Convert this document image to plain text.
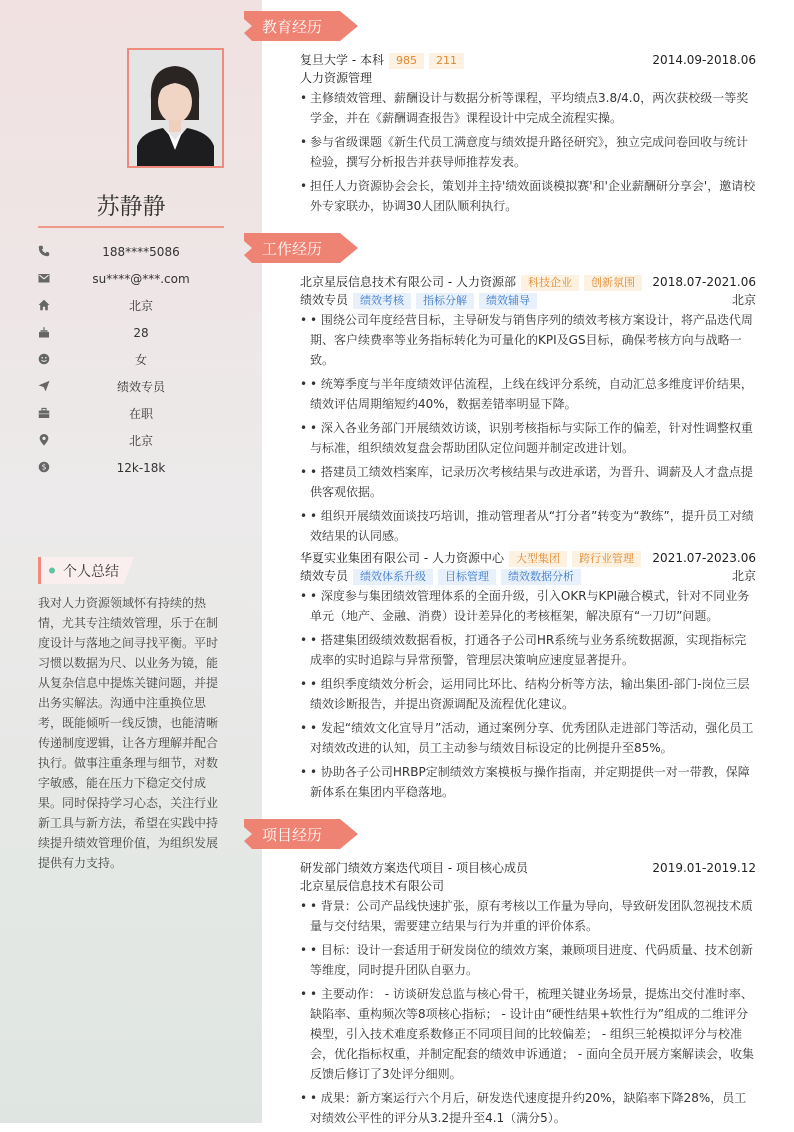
苏静静
188****5086
su****@***.com
北京
28
女
绩效专员
在职
北京
$	12k-18k
个人总结
我对人力资源领域怀有持续的热情，尤其专注绩效管理，乐于在制度设计与落地之间寻找平衡。平时习惯以数据为尺、以业务为镜，能从复杂信息中提炼关键问题，并提出务实解法。沟通中注重换位思考，既能倾听一线反馈，也能清晰传递制度逻辑，让各方理解并配合执行。做事注重条理与细节，对数字敏感，能在压力下稳定交付成果。同时保持学习心态，关注行业新工具与新方法，希望在实践中持续提升绩效管理价值，为组织发展提供有力支持。
教育经历
复旦大学 - 本科 985 211	2014.09-2018.06
人力资源管理
• 主修绩效管理、薪酬设计与数据分析等课程，平均绩点3.8/4.0，两次获校级一等奖学金，并在《薪酬调查报告》课程设计中完成全流程实操。
• 参与省级课题《新生代员工满意度与绩效提升路径研究》，独立完成问卷回收与统计检验，撰写分析报告并获导师推荐发表。
• 担任人力资源协会会长，策划并主持'绩效面谈模拟赛'和'企业薪酬研分享会'，邀请校外专家联办，协调30人团队顺利执行。
工作经历
北京星辰信息技术有限公司 - 人力资源部 科技企业 创新氛围 2018.07-2021.06
绩效专员 绩效考核 指标分解 绩效辅导	北京
• • 围绕公司年度经营目标，主导研发与销售序列的绩效考核方案设计，将产品迭代周期、客户续费率等业务指标转化为可量化的KPI及GS目标，确保考核方向与战略一致。
• • 统筹季度与半年度绩效评估流程，上线在线评分系统，自动汇总多维度评价结果，绩效评估周期缩短约40%，数据差错率明显下降。
• • 深入各业务部门开展绩效访谈，识别考核指标与实际工作的偏差，针对性调整权重与标准，组织绩效复盘会帮助团队定位问题并制定改进计划。
• • 搭建员工绩效档案库，记录历次考核结果与改进承诺，为晋升、调薪及人才盘点提供客观依据。
• • 组织开展绩效面谈技巧培训，推动管理者从“打分者”转变为“教练”，提升员工对绩效结果的认同感。
华夏实业集团有限公司 - 人力资源中心 大型集团 跨行业管理 2021.07-2023.06
绩效专员 绩效体系升级 目标管理 绩效数据分析	北京
• • 深度参与集团绩效管理体系的全面升级，引入OKR与KPI融合模式，针对不同业务单元（地产、金融、消费）设计差异化的考核框架，解决原有“一刀切”问题。
• • 搭建集团级绩效数据看板，打通各子公司HR系统与业务系统数据源，实现指标完成率的实时追踪与异常预警，管理层决策响应速度显著提升。
• • 组织季度绩效分析会，运用同比环比、结构分析等方法，输出集团-部门-岗位三层绩效诊断报告，并提出资源调配及流程优化建议。
• • 发起“绩效文化宣导月”活动，通过案例分享、优秀团队走进部门等活动，强化员工对绩效改进的认知，员工主动参与绩效目标设定的比例提升至85%。
• • 协助各子公司HRBP定制绩效方案模板与操作指南，并定期提供一对一带教，保障新体系在集团内平稳落地。
项目经历
研发部门绩效方案迭代项目 - 项目核心成员	2019.01-2019.12
北京星辰信息技术有限公司
• • 背景：公司产品线快速扩张，原有考核以工作量为导向，导致研发团队忽视技术质量与交付结果，需要建立结果与行为并重的评价体系。
• • 目标：设计一套适用于研发岗位的绩效方案，兼顾项目进度、代码质量、技术创新等维度，同时提升团队自驱力。
• • 主要动作： - 访谈研发总监与核心骨干，梳理关键业务场景，提炼出交付准时率、缺陷率、重构频次等8项核心指标； - 设计由“硬性结果+软性行为”组成的二维评分模型，引入技术难度系数修正不同项目间的比较偏差； - 组织三轮模拟评分与校准会，优化指标权重，并制定配套的绩效申诉通道； - 面向全员开展方案解读会，收集反馈后修订了3处评分细则。
• • 成果：新方案运行六个月后，研发迭代速度提升约20%，缺陷率下降28%，员工对绩效公平性的评分从3.2提升至4.1（满分5）。
